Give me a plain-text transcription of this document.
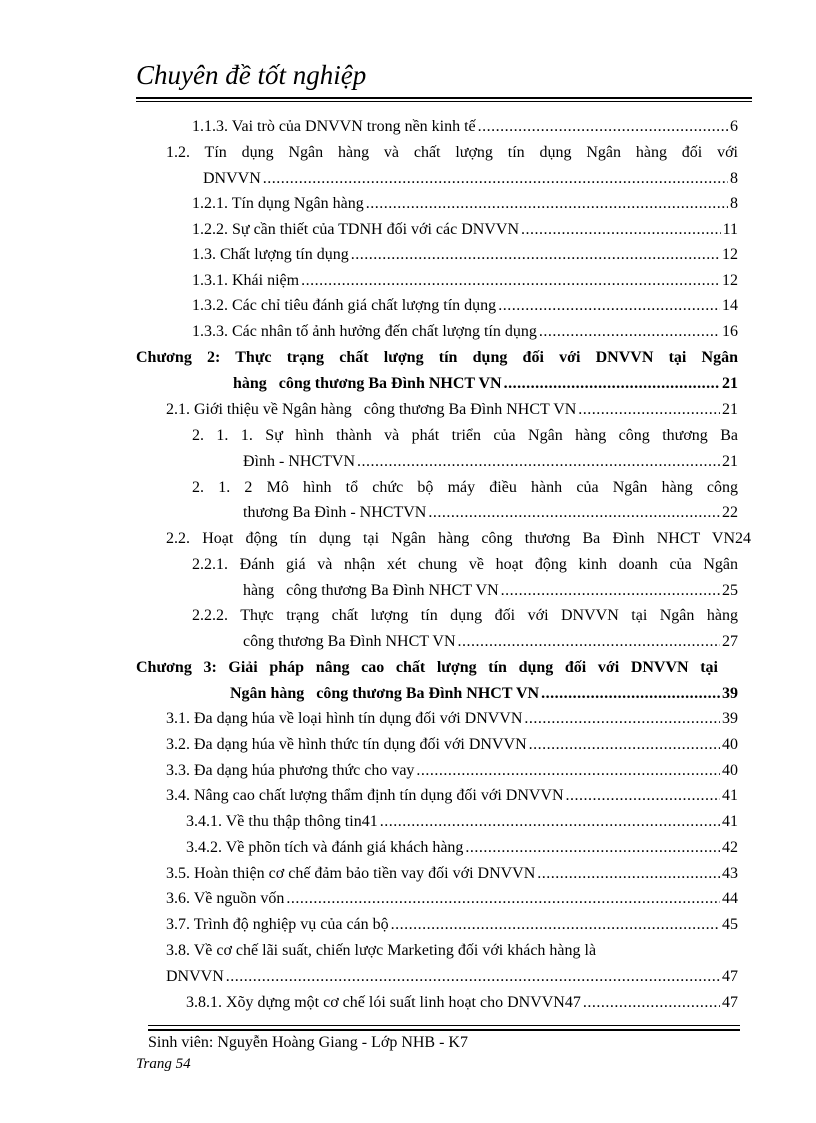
Chuyên đề tốt nghiệp
1.1.3. Vai trò của DNVVN trong nền kinh tế .....	6
1.2. Tín dụng Ngân hàng và chất lượng tín dụng Ngân hàng đối với
DNVVN .....	8
1.2.1. Tín dụng Ngân hàng .....	8
1.2.2. Sự cần thiết của TDNH đối với các DNVVN .....	11
1.3. Chất lượng tín dụng .....	12
1.3.1. Khái niệm .....	12
1.3.2. Các chỉ tiêu đánh giá chất lượng tín dụng .....	14
1.3.3. Các nhân tố ảnh hưởng đến chất lượng tín dụng .....	16
Chương 2: Thực trạng chất lượng tín dụng đối với DNVVN tại Ngân
hàng   công thương Ba Đình NHCT VN .....	21
2.1. Giới thiệu về Ngân hàng   công thương Ba Đình NHCT VN .....	21
2. 1. 1. Sự hình thành và phát triển của Ngân hàng công thương Ba
Đình - NHCTVN .....	21
2. 1. 2 Mô hình tổ chức bộ máy điều hành của Ngân hàng công
thương Ba Đình - NHCTVN .....	22
2.2. Hoạt động tín dụng tại Ngân hàng công thương Ba Đình NHCT VN24
2.2.1. Đánh giá và nhận xét chung về hoạt động kinh doanh của Ngân
hàng   công thương Ba Đình NHCT VN .....	25
2.2.2. Thực trạng chất lượng tín dụng đối với DNVVN tại Ngân hàng
công thương Ba Đình NHCT VN .....	27
Chương 3: Giải pháp nâng cao chất lượng tín dụng đối với DNVVN tại
Ngân hàng   công thương Ba Đình NHCT VN .....	39
3.1. Đa dạng húa về loại hình tín dụng đối với DNVVN .....	39
3.2. Đa dạng húa về hình thức tín dụng đối với DNVVN .....	40
3.3. Đa dạng húa phương thức cho vay .....	40
3.4. Nâng cao chất lượng thẩm định tín dụng đối với DNVVN .....	41
3.4.1. Về thu thập thông tin41 .....	41
3.4.2. Về phõn tích và đánh giá khách hàng .....	42
3.5. Hoàn thiện cơ chế đảm bảo tiền vay đối với DNVVN .....	43
3.6. Về nguồn vốn .....	44
3.7. Trình độ nghiệp vụ của cán bộ .....	45
3.8. Về cơ chế lãi suất, chiến lược Marketing đối với khách hàng là
DNVVN .....	47
3.8.1. Xõy dựng một cơ chế lói suất linh hoạt cho DNVVN47 .....	47
Sinh viên: Nguyễn Hoàng Giang - Lớp NHB - K7
Trang 54
